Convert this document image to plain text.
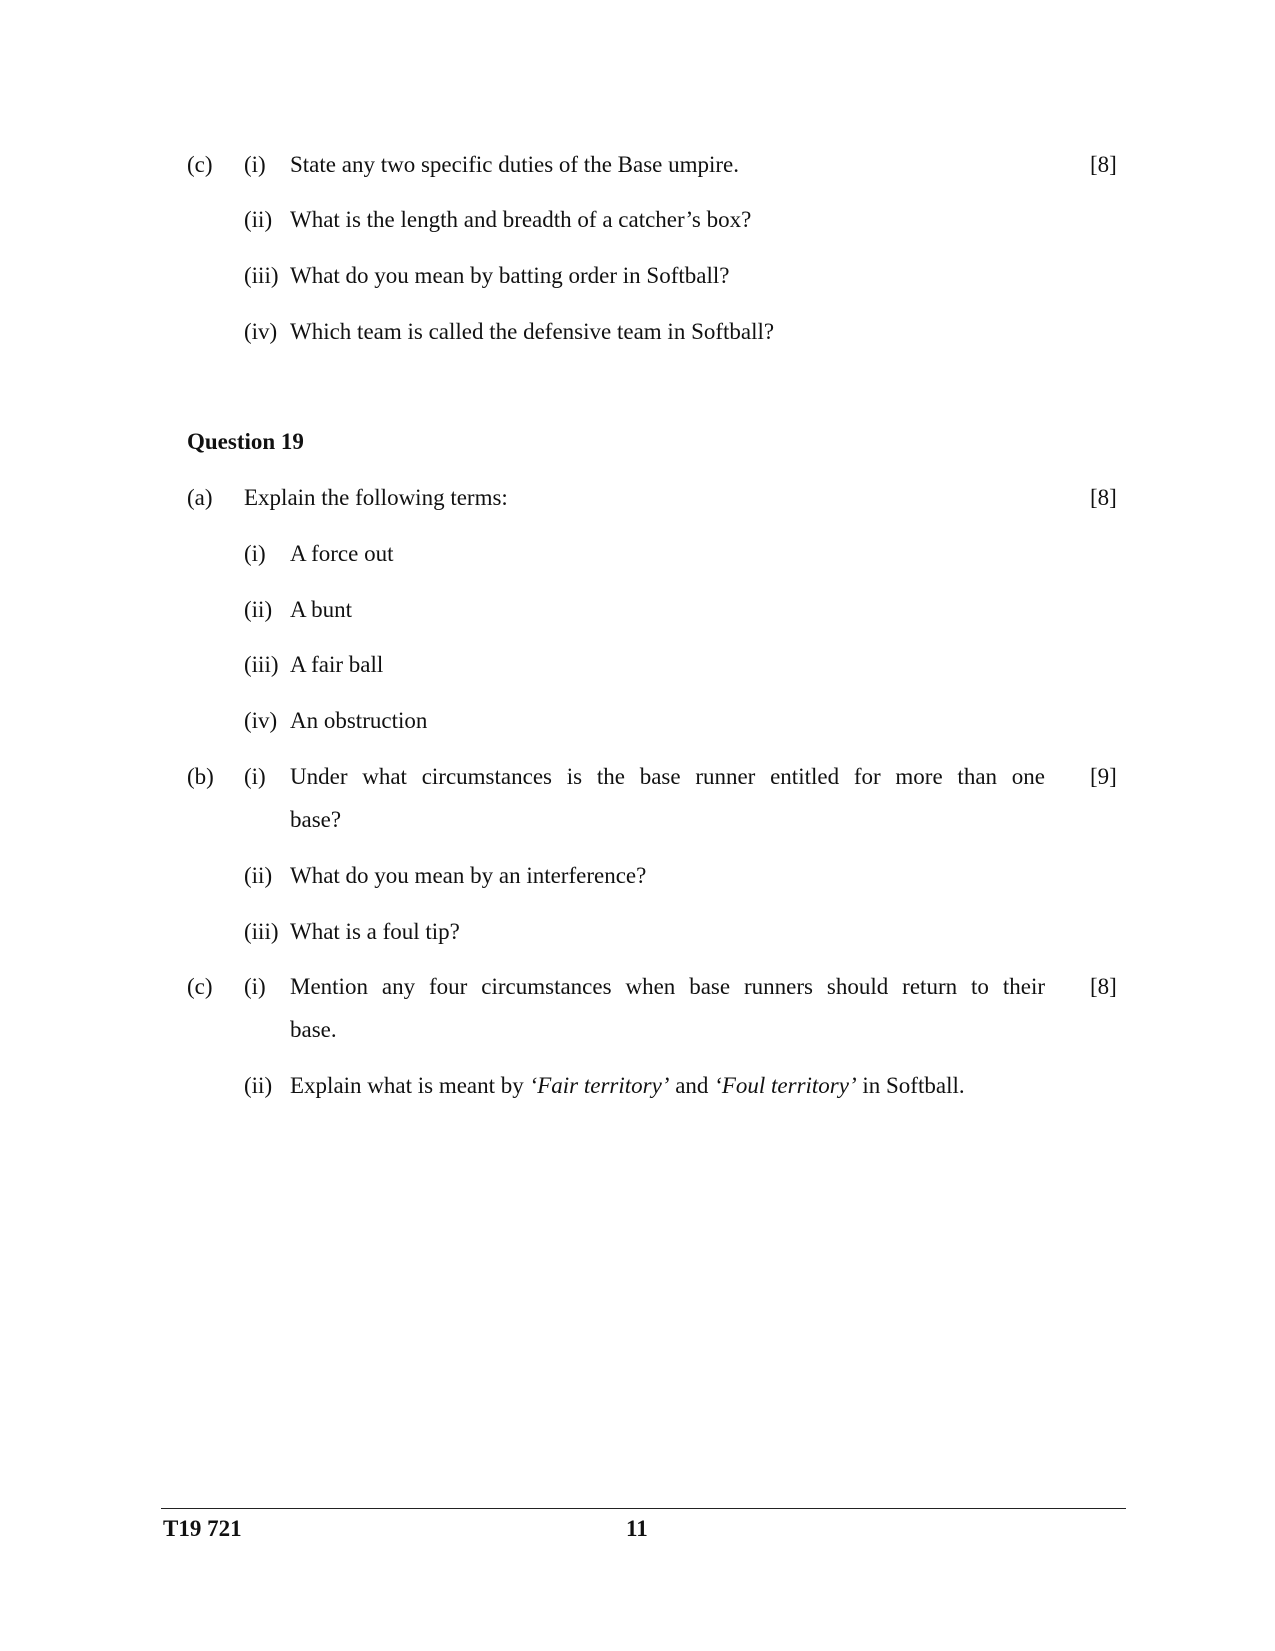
(c) (i) State any two specific duties of the Base umpire.	[8]
(ii) What is the length and breadth of a catcher’s box?
(iii) What do you mean by batting order in Softball?
(iv) Which team is called the defensive team in Softball?
Question 19
(a) Explain the following terms:	[8]
(i) A force out
(ii) A bunt
(iii) A fair ball
(iv) An obstruction
(b) (i) Under what circumstances is the base runner entitled for more than one [9]
base?
(ii) What do you mean by an interference?
(iii) What is a foul tip?
(c) (i) Mention any four circumstances when base runners should return to their [8]
base.
(ii) Explain what is meant by ‘Fair territory’ and ‘Foul territory’ in Softball.
T19 721	11
